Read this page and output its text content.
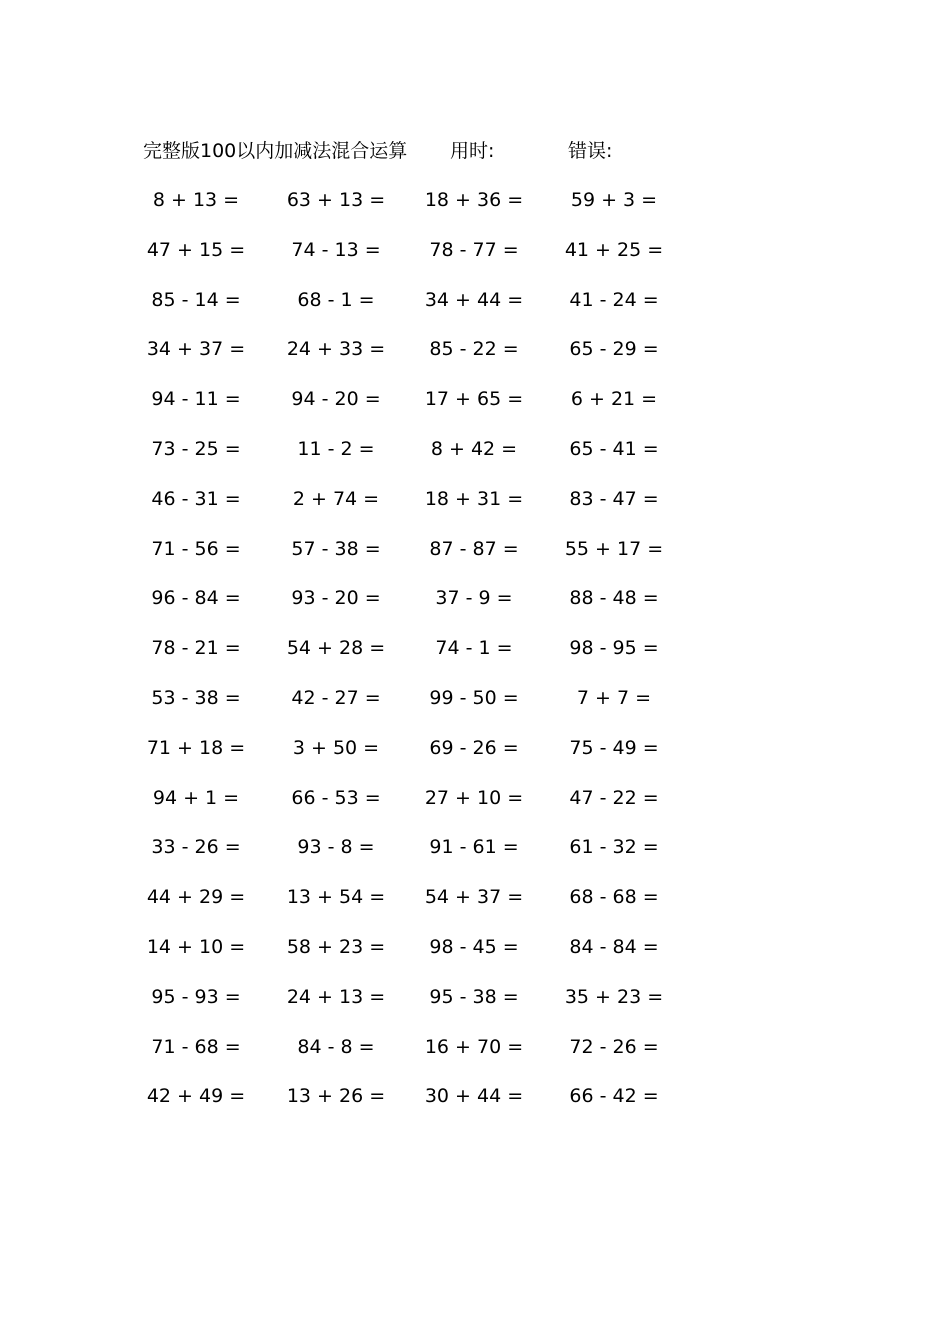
完整版100以内加减法混合运算 用时:	错误:
8 + 13 =	63 + 13 =	18 + 36 =	59 + 3 =
47 + 15 =	74 - 13 =	78 - 77 =	41 + 25 =
85 - 14 =	68 - 1 =	34 + 44 =	41 - 24 =
34 + 37 =	24 + 33 =	85 - 22 =	65 - 29 =
94 - 11 =	94 - 20 =	17 + 65 =	6 + 21 =
73 - 25 =	11 - 2 =	8 + 42 =	65 - 41 =
46 - 31 =	2 + 74 =	18 + 31 =	83 - 47 =
71 - 56 =	57 - 38 =	87 - 87 =	55 + 17 =
96 - 84 =	93 - 20 =	37 - 9 =	88 - 48 =
78 - 21 =	54 + 28 =	74 - 1 =	98 - 95 =
53 - 38 =	42 - 27 =	99 - 50 =	7 + 7 =
71 + 18 =	3 + 50 =	69 - 26 =	75 - 49 =
94 + 1 =	66 - 53 =	27 + 10 =	47 - 22 =
33 - 26 =	93 - 8 =	91 - 61 =	61 - 32 =
44 + 29 =	13 + 54 =	54 + 37 =	68 - 68 =
14 + 10 =	58 + 23 =	98 - 45 =	84 - 84 =
95 - 93 =	24 + 13 =	95 - 38 =	35 + 23 =
71 - 68 =	84 - 8 =	16 + 70 =	72 - 26 =
42 + 49 =	13 + 26 =	30 + 44 =	66 - 42 =
